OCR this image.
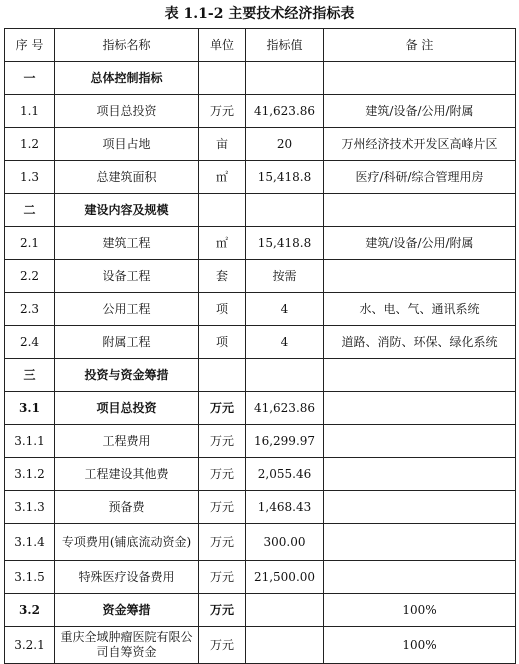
表 1.1-2 主要技术经济指标表
序 号	指标名称	单位	指标值	备 注
一	总体控制指标			
1.1	项目总投资	万元	41,623.86	建筑/设备/公用/附属
1.2	项目占地	亩	20	万州经济技术开发区高峰片区
1.3	总建筑面积	㎡	15,418.8	医疗/科研/综合管理用房
二	建设内容及规模			
2.1	建筑工程	㎡	15,418.8	建筑/设备/公用/附属
2.2	设备工程	套	按需	
2.3	公用工程	项	4	水、电、气、通讯系统
2.4	附属工程	项	4	道路、消防、环保、绿化系统
三	投资与资金筹措			
3.1	项目总投资	万元	41,623.86	
3.1.1	工程费用	万元	16,299.97	
3.1.2	工程建设其他费	万元	2,055.46	
3.1.3	预备费	万元	1,468.43	
3.1.4	专项费用(铺底流动资金)	万元	300.00	
3.1.5	特殊医疗设备费用	万元	21,500.00	
3.2	资金筹措	万元		100%
3.2.1	重庆全域肿瘤医院有限公司自筹资金	万元		100%
